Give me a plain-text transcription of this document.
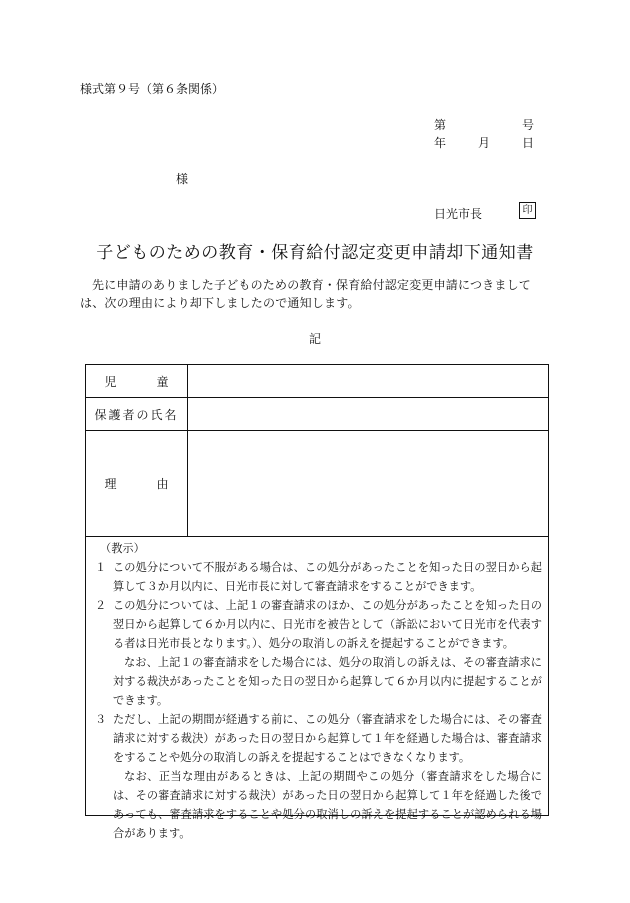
様式第９号（第６条関係）
第	号
年	月	日
様
日光市長	印
子どものための教育・保育給付認定変更申請却下通知書
先に申請のありました子どものための教育・保育給付認定変更申請につきましては、次の理由により却下しましたので通知します。
記
児　童
保護者の氏名
理　由
（教示）
１ この処分について不服がある場合は、この処分があったことを知った日の翌日から起算して３か月以内に、日光市長に対して審査請求をすることができます。
２ この処分については、上記１の審査請求のほか、この処分があったことを知った日の翌日から起算して６か月以内に、日光市を被告として（訴訟において日光市を代表する者は日光市長となります。）、処分の取消しの訴えを提起することができます。
なお、上記１の審査請求をした場合には、処分の取消しの訴えは、その審査請求に対する裁決があったことを知った日の翌日から起算して６か月以内に提起することができます。
３ ただし、上記の期間が経過する前に、この処分（審査請求をした場合には、その審査請求に対する裁決）があった日の翌日から起算して１年を経過した場合は、審査請求をすることや処分の取消しの訴えを提起することはできなくなります。
なお、正当な理由があるときは、上記の期間やこの処分（審査請求をした場合には、その審査請求に対する裁決）があった日の翌日から起算して１年を経過した後であっても、審査請求をすることや処分の取消しの訴えを提起することが認められる場合があります。
